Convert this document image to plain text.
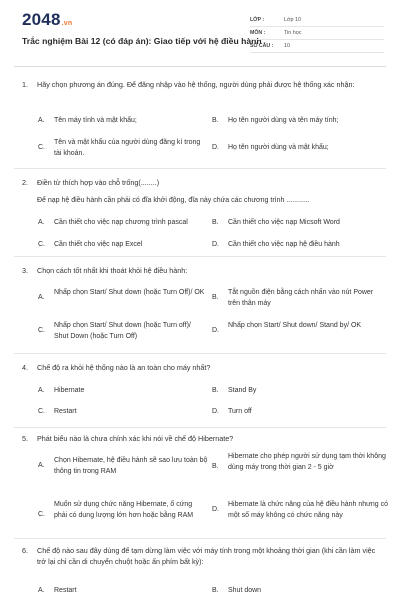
2048.vn
Trắc nghiệm Bài 12 (có đáp án): Giao tiếp với hệ điều hành
LỚP :	Lớp 10
MÔN :	Tin học
SỐ CÂU :	10
1.	Hãy chọn phương án đúng. Để đăng nhập vào hệ thống, người dùng phải được hệ thống xác nhận:
A. Tên máy tính và mật khẩu;	B. Họ tên người dùng và tên máy tính;
C.
Tên và mật khẩu của người dùng đăng kí trong tài khoản.
D. Họ tên người dùng và mật khẩu;
2.	Điền từ thích hợp vào chỗ trống(........)
Để nạp hệ điều hành cần phải có đĩa khởi động, đĩa này chứa các chương trình ............
A. Cần thiết cho việc nạp chương trình pascal	B. Cần thiết cho việc nạp Micsoft Word
C. Cần thiết cho việc nạp Excel	D. Cần thiết cho việc nạp hệ điều hành
3.	Chọn cách tốt nhất khi thoát khỏi hệ điều hành:
A.
Nhấp chọn Start/ Shut down (hoặc Turn Off)/ OK
B.
Tắt nguồn điện bằng cách nhấn vào nút Power trên thân máy
C.
Nhấp chọn Start/ Shut down (hoặc Turn off)/ Shut Down (hoặc Turn Off)
D.
Nhấp chọn Start/ Shut down/ Stand by/ OK
4.	Chế độ ra khỏi hệ thống nào là an toàn cho máy nhất?
A. Hibernate	B. Stand By
C. Restart	D. Turn off
5.	Phát biểu nào là chưa chính xác khi nói về chế độ Hibernate?
A.
Chọn Hibernate, hệ điều hành sẽ sao lưu toàn bộ thông tin trong RAM
B.
Hibernate cho phép người sử dụng tạm thời không dùng máy trong thời gian 2 - 5 giờ
C.
Muốn sử dụng chức năng Hibernate, ổ cứng phải có dung lượng lớn hơn hoặc bằng RAM
D.
Hibernate là chức năng của hệ điều hành nhưng có một số máy không có chức năng này
6.	Chế độ nào sau đây dùng để tạm dừng làm việc với máy tính trong một khoảng thời gian (khi cần làm việc trở lại chỉ cần di chuyển chuột hoặc ấn phím bất kỳ):
A. Restart	B. Shut down
